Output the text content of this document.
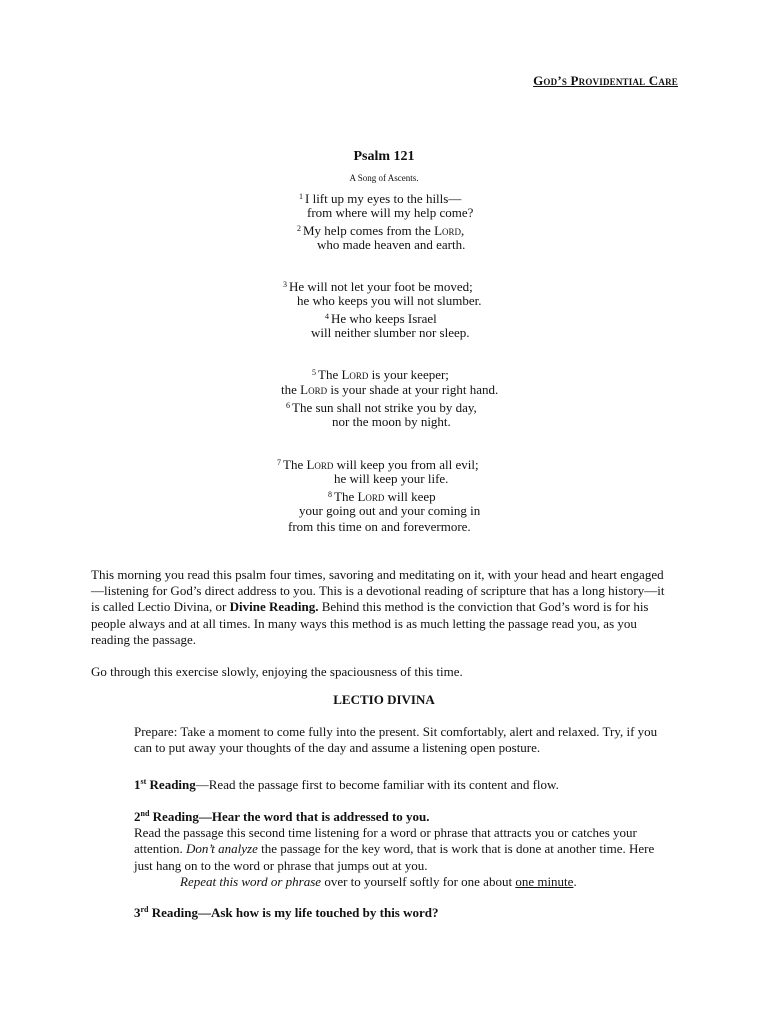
God’s Providential Care
Psalm 121
A Song of Ascents.
$^1$ I lift up my eyes to the hills—
from where will my help come?
$^2$ My help comes from the Lord,
who made heaven and earth.
$^3$ He will not let your foot be moved;
he who keeps you will not slumber.
$^4$ He who keeps Israel
will neither slumber nor sleep.
$^5$ The Lord is your keeper;
the Lord is your shade at your right hand.
$^6$ The sun shall not strike you by day,
nor the moon by night.
$^7$ The Lord will keep you from all evil;
he will keep your life.
$^8$ The Lord will keep
your going out and your coming in
from this time on and forevermore.

This morning you read this psalm four times, savoring and meditating on it, with your head and heart engaged—listening for God’s direct address to you. This is a devotional reading of scripture that has a long history—it is called Lectio Divina, or Divine Reading. Behind this method is the conviction that God’s word is for his people always and at all times. In many ways this method is as much letting the passage read you, as you reading the passage.

Go through this exercise slowly, enjoying the spaciousness of this time.
LECTIO DIVINA
Prepare: Take a moment to come fully into the present. Sit comfortably, alert and relaxed. Try, if you can to put away your thoughts of the day and assume a listening open posture.
1st Reading—Read the passage first to become familiar with its content and flow.
2nd Reading—Hear the word that is addressed to you.
Read the passage this second time listening for a word or phrase that attracts you or catches your attention. Don’t analyze the passage for the key word, that is work that is done at another time. Here just hang on to the word or phrase that jumps out at you.
Repeat this word or phrase over to yourself softly for one about one minute.
3rd Reading—Ask how is my life touched by this word?
